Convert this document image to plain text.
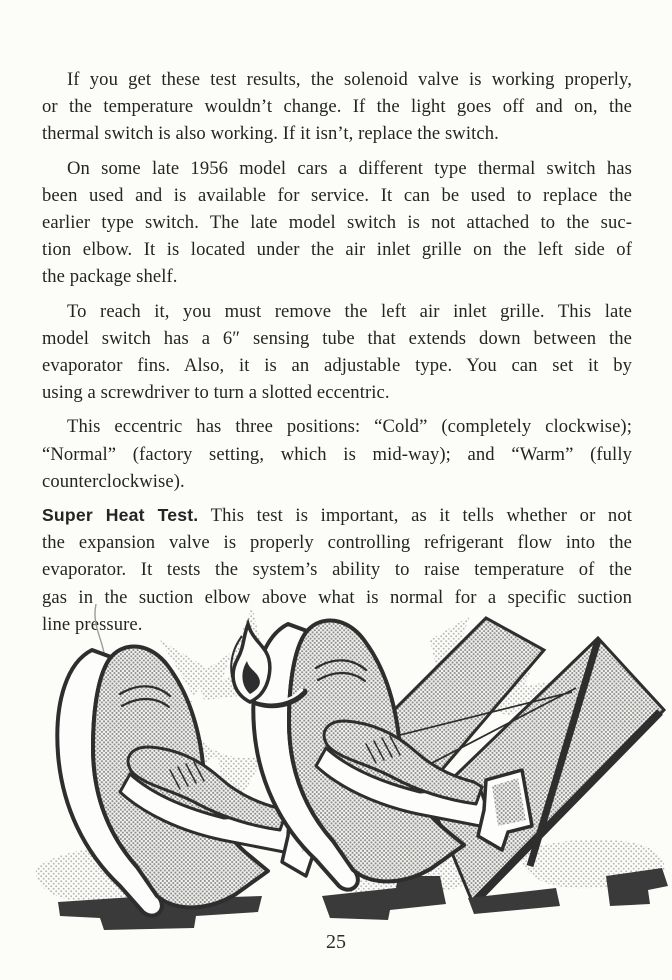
If you get these test results, the solenoid valve is working properly,
or the temperature wouldn’t change. If the light goes off and on, the
thermal switch is also working. If it isn’t, replace the switch.

On some late 1956 model cars a different type thermal switch has
been used and is available for service. It can be used to replace the
earlier type switch. The late model switch is not attached to the suc-
tion elbow. It is located under the air inlet grille on the left side of
the package shelf.

To reach it, you must remove the left air inlet grille. This late
model switch has a 6″ sensing tube that extends down between the
evaporator fins. Also, it is an adjustable type. You can set it by
using a screwdriver to turn a slotted eccentric.

This eccentric has three positions: “Cold” (completely clockwise);
“Normal” (factory setting, which is mid-way); and “Warm” (fully
counterclockwise).

Super Heat Test. This test is important, as it tells whether or not
the expansion valve is properly controlling refrigerant flow into the
evaporator. It tests the system’s ability to raise temperature of the
gas in the suction elbow above what is normal for a specific suction
line pressure.

25
